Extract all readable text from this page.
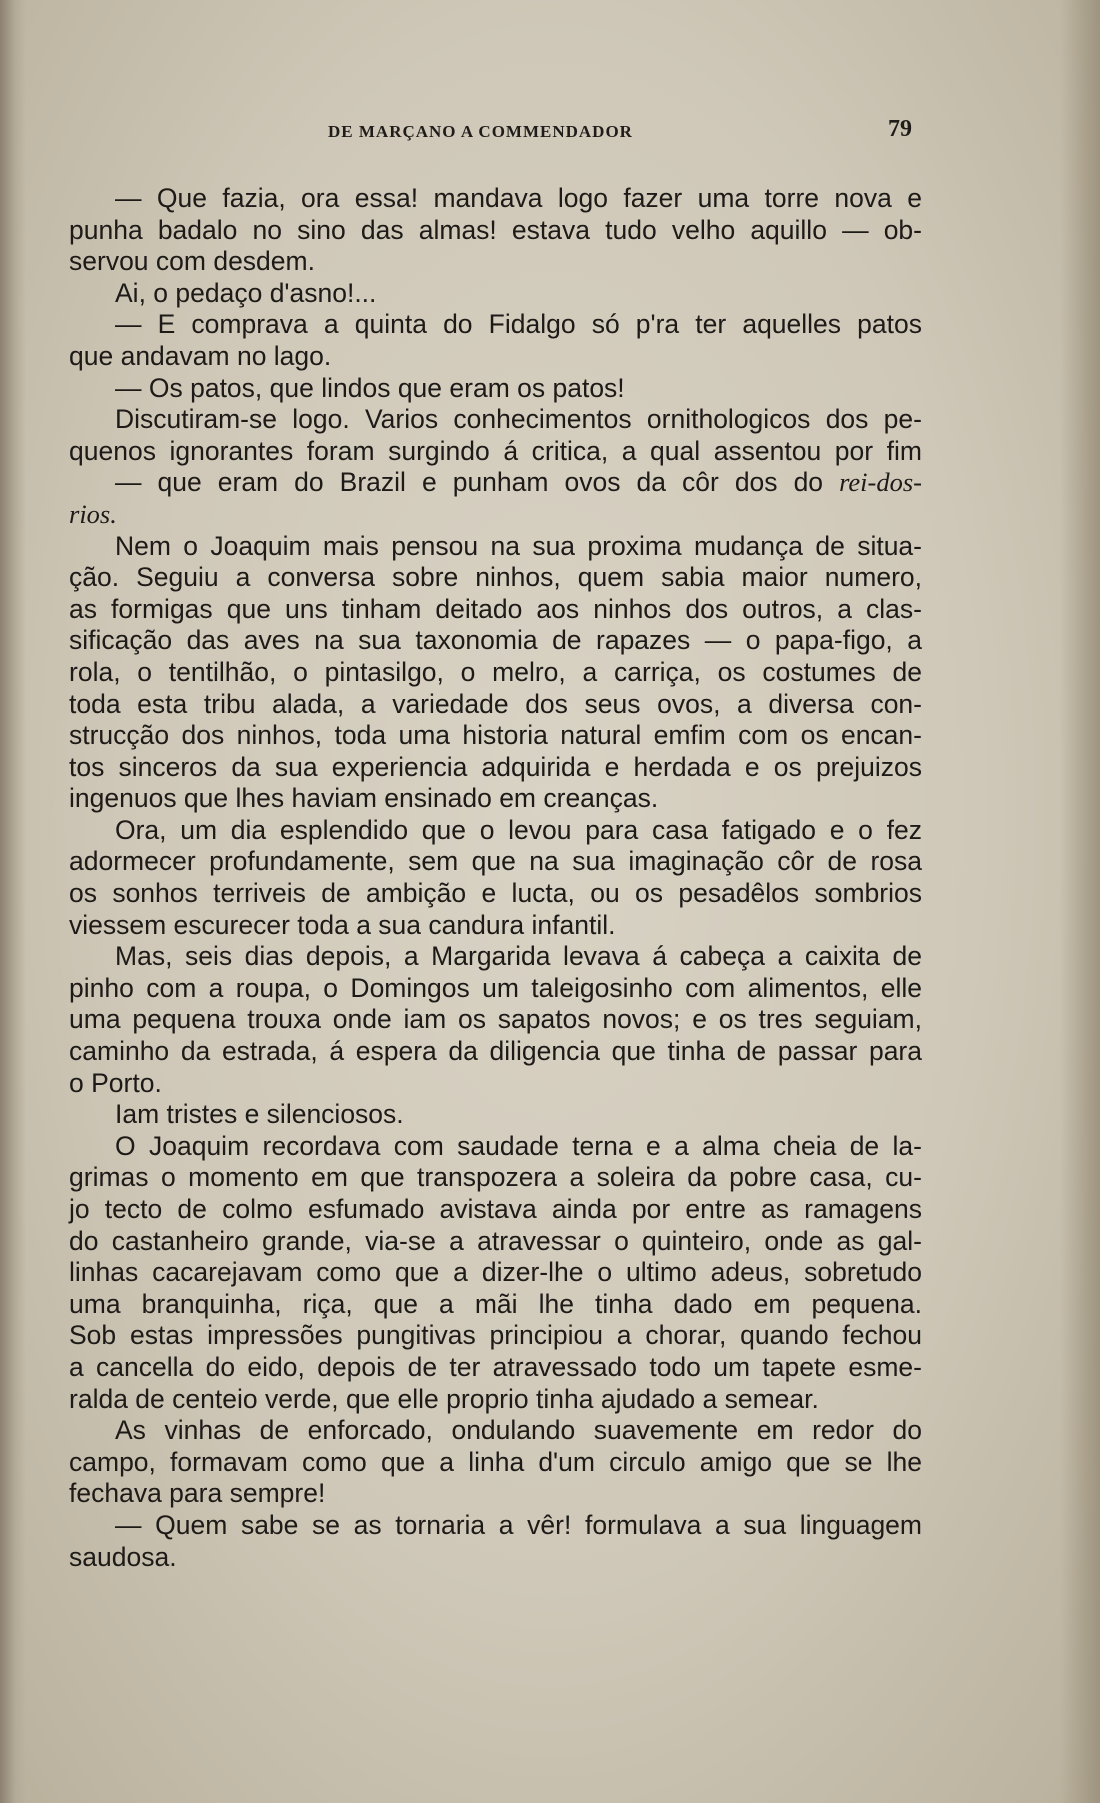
DE MARÇANO A COMMENDADOR	79
— Que fazia, ora essa! mandava logo fazer uma torre nova e
punha badalo no sino das almas! estava tudo velho aquillo — ob-
servou com desdem.
Ai, o pedaço d'asno!...
— E comprava a quinta do Fidalgo só p'ra ter aquelles patos
que andavam no lago.
— Os patos, que lindos que eram os patos!
Discutiram-se logo. Varios conhecimentos ornithologicos dos pe-
quenos ignorantes foram surgindo á critica, a qual assentou por fim
— que eram do Brazil e punham ovos da côr dos do rei-dos-
rios.
Nem o Joaquim mais pensou na sua proxima mudança de situa-
ção. Seguiu a conversa sobre ninhos, quem sabia maior numero,
as formigas que uns tinham deitado aos ninhos dos outros, a clas-
sificação das aves na sua taxonomia de rapazes — o papa-figo, a
rola, o tentilhão, o pintasilgo, o melro, a carriça, os costumes de
toda esta tribu alada, a variedade dos seus ovos, a diversa con-
strucção dos ninhos, toda uma historia natural emfim com os encan-
tos sinceros da sua experiencia adquirida e herdada e os prejuizos
ingenuos que lhes haviam ensinado em creanças.
Ora, um dia esplendido que o levou para casa fatigado e o fez
adormecer profundamente, sem que na sua imaginação côr de rosa
os sonhos terriveis de ambição e lucta, ou os pesadêlos sombrios
viessem escurecer toda a sua candura infantil.
Mas, seis dias depois, a Margarida levava á cabeça a caixita de
pinho com a roupa, o Domingos um taleigosinho com alimentos, elle
uma pequena trouxa onde iam os sapatos novos; e os tres seguiam,
caminho da estrada, á espera da diligencia que tinha de passar para
o Porto.
Iam tristes e silenciosos.
O Joaquim recordava com saudade terna e a alma cheia de la-
grimas o momento em que transpozera a soleira da pobre casa, cu-
jo tecto de colmo esfumado avistava ainda por entre as ramagens
do castanheiro grande, via-se a atravessar o quinteiro, onde as gal-
linhas cacarejavam como que a dizer-lhe o ultimo adeus, sobretudo
uma branquinha, riça, que a mãi lhe tinha dado em pequena.
Sob estas impressões pungitivas principiou a chorar, quando fechou
a cancella do eido, depois de ter atravessado todo um tapete esme-
ralda de centeio verde, que elle proprio tinha ajudado a semear.
As vinhas de enforcado, ondulando suavemente em redor do
campo, formavam como que a linha d'um circulo amigo que se lhe
fechava para sempre!
— Quem sabe se as tornaria a vêr! formulava a sua linguagem
saudosa.
